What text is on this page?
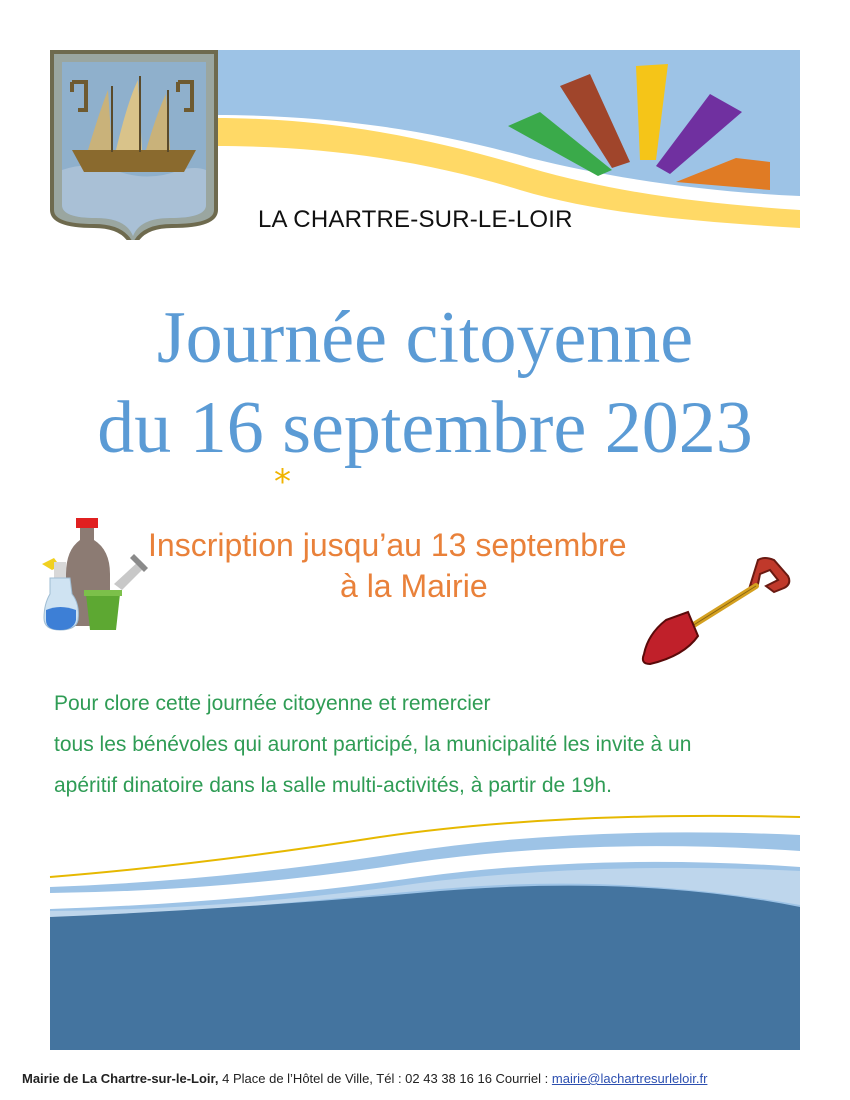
LA CHARTRE-SUR-LE-LOIR
Journée citoyenne
du 16 septembre 2023
*
Inscription jusqu’au 13 septembre
à la Mairie
Pour clore cette journée citoyenne et remercier
tous les bénévoles qui auront participé, la municipalité les invite à un
apéritif dinatoire dans la salle multi-activités, à partir de 19h.
Mairie de La Chartre-sur-le-Loir, 4 Place de l’Hôtel de Ville, Tél : 02 43 38 16 16 Courriel : mairie@lachartresurleloir.fr
